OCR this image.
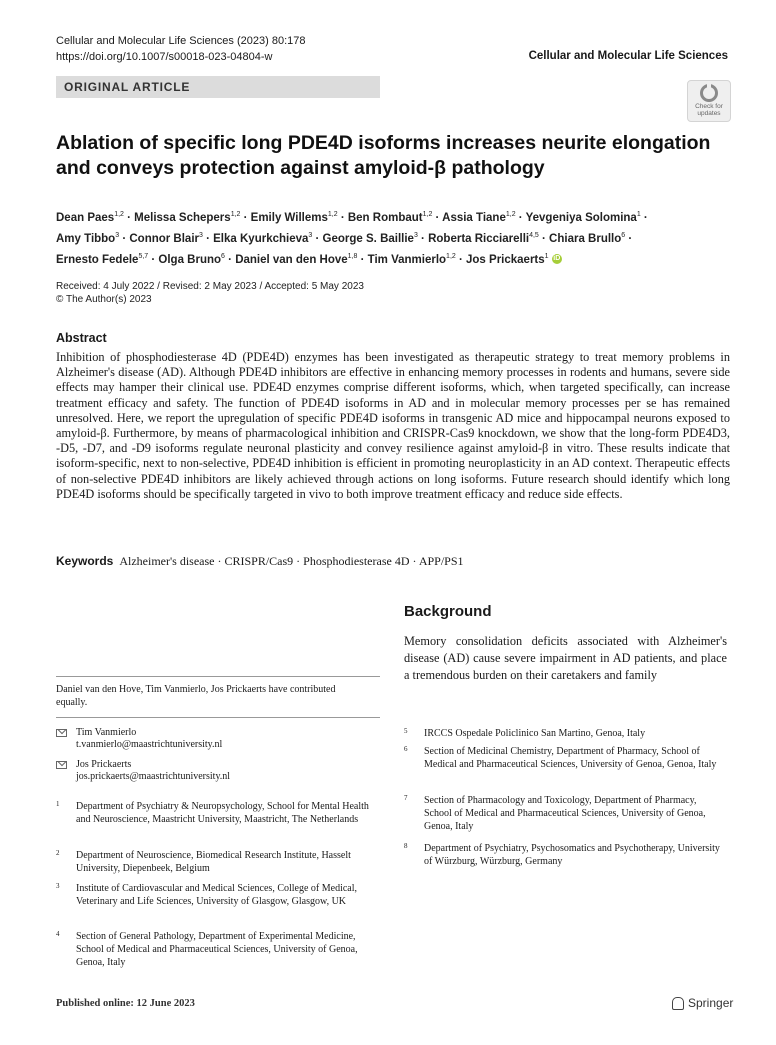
Cellular and Molecular Life Sciences (2023) 80:178
https://doi.org/10.1007/s00018-023-04804-w	Cellular and Molecular Life Sciences
ORIGINAL ARTICLE
Check for
updates
Ablation of specific long PDE4D isoforms increases neurite elongation and conveys protection against amyloid-β pathology
Dean Paes$^{1,2}$ · Melissa Schepers$^{1,2}$ · Emily Willems$^{1,2}$ · Ben Rombaut$^{1,2}$ · Assia Tiane$^{1,2}$ · Yevgeniya Solomina$^1$ ·
Amy Tibbo$^3$ · Connor Blair$^3$ · Elka Kyurkchieva$^3$ · George S. Baillie$^3$ · Roberta Ricciarelli$^{4,5}$ · Chiara Brullo$^6$ ·
Ernesto Fedele$^{5,7}$ · Olga Bruno$^6$ · Daniel van den Hove$^{1,8}$ · Tim Vanmierlo$^{1,2}$ · Jos Prickaerts$^1$ iD
Received: 4 July 2022 / Revised: 2 May 2023 / Accepted: 5 May 2023
© The Author(s) 2023
Abstract
Inhibition of phosphodiesterase 4D (PDE4D) enzymes has been investigated as therapeutic strategy to treat memory problems in Alzheimer's disease (AD). Although PDE4D inhibitors are effective in enhancing memory processes in rodents and humans, severe side effects may hamper their clinical use. PDE4D enzymes comprise different isoforms, which, when targeted specifically, can increase treatment efficacy and safety. The function of PDE4D isoforms in AD and in molecular memory processes per se has remained unresolved. Here, we report the upregulation of specific PDE4D isoforms in transgenic AD mice and hippocampal neurons exposed to amyloid-β. Furthermore, by means of pharmacological inhibition and CRISPR-Cas9 knockdown, we show that the long-form PDE4D3, -D5, -D7, and -D9 isoforms regulate neuronal plasticity and convey resilience against amyloid-β in vitro. These results indicate that isoform-specific, next to non-selective, PDE4D inhibition is efficient in promoting neuroplasticity in an AD context. Therapeutic effects of non-selective PDE4D inhibitors are likely achieved through actions on long isoforms. Future research should identify which long PDE4D isoforms should be specifically targeted in vivo to both improve treatment efficacy and reduce side effects.
Keywords Alzheimer's disease · CRISPR/Cas9 · Phosphodiesterase 4D · APP/PS1
Background
Memory consolidation deficits associated with Alzheimer's disease (AD) cause severe impairment in AD patients, and place a tremendous burden on their caretakers and family
Daniel van den Hove, Tim Vanmierlo, Jos Prickaerts have contributed equally.
Tim Vanmierlo
t.vanmierlo@maastrichtuniversity.nl
Jos Prickaerts
jos.prickaerts@maastrichtuniversity.nl
1 Department of Psychiatry & Neuropsychology, School for Mental Health and Neuroscience, Maastricht University, Maastricht, The Netherlands
2 Department of Neuroscience, Biomedical Research Institute, Hasselt University, Diepenbeek, Belgium
3 Institute of Cardiovascular and Medical Sciences, College of Medical, Veterinary and Life Sciences, University of Glasgow, Glasgow, UK
4 Section of General Pathology, Department of Experimental Medicine, School of Medical and Pharmaceutical Sciences, University of Genoa, Genoa, Italy
5 IRCCS Ospedale Policlinico San Martino, Genoa, Italy
6 Section of Medicinal Chemistry, Department of Pharmacy, School of Medical and Pharmaceutical Sciences, University of Genoa, Genoa, Italy
7 Section of Pharmacology and Toxicology, Department of Pharmacy, School of Medical and Pharmaceutical Sciences, University of Genoa, Genoa, Italy
8 Department of Psychiatry, Psychosomatics and Psychotherapy, University of Würzburg, Würzburg, Germany
Published online: 12 June 2023	Springer
